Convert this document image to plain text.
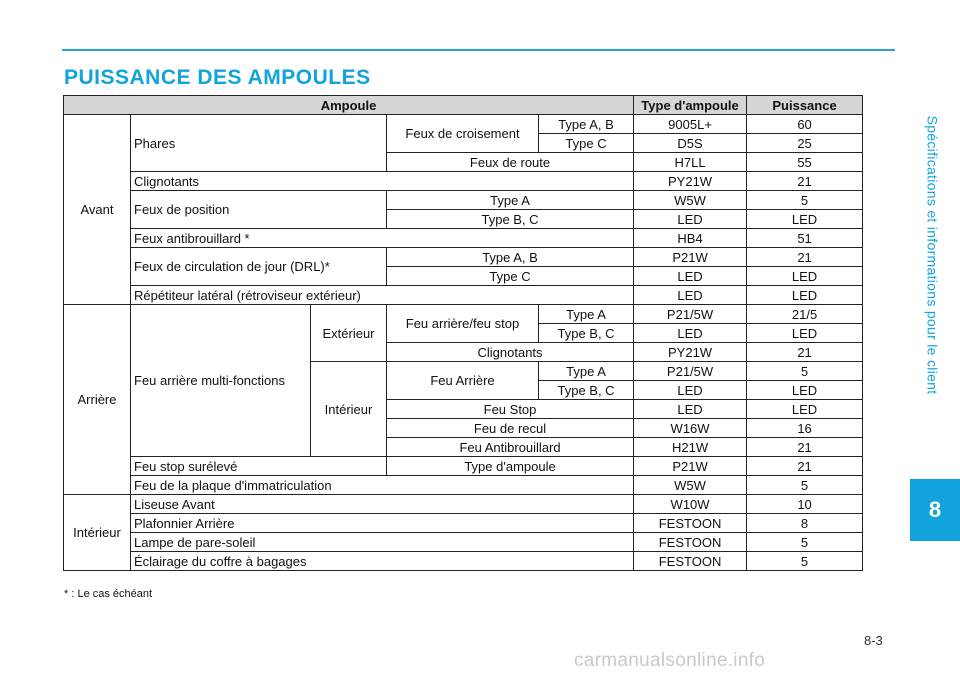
PUISSANCE DES AMPOULES
Spécifications et informations pour le client
8
Ampoule					Type d'ampoule	Puissance
Avant	Phares		Feux de croisement	Type A, B	9005L+	60
				Type C	D5S	25
			Feux de route		H7LL	55
	Clignotants				PY21W	21
	Feux de position		Type A		W5W	5
			Type B, C		LED	LED
	Feux antibrouillard *				HB4	51
	Feux de circulation de jour (DRL)*		Type A, B		P21W	21
			Type C		LED	LED
	Répétiteur latéral (rétroviseur extérieur)				LED	LED
Arrière	Feu arrière multi-fonctions	Extérieur	Feu arrière/feu stop	Type A	P21/5W	21/5
				Type B, C	LED	LED
			Clignotants		PY21W	21
		Intérieur	Feu Arrière	Type A	P21/5W	5
				Type B, C	LED	LED
			Feu Stop		LED	LED
			Feu de recul		W16W	16
			Feu Antibrouillard		H21W	21
	Feu stop surélevé		Type d'ampoule		P21W	21
	Feu de la plaque d'immatriculation				W5W	5
Intérieur	Liseuse Avant				W10W	10
	Plafonnier Arrière				FESTOON	8
	Lampe de pare-soleil				FESTOON	5
	Éclairage du coffre à bagages				FESTOON	5
* : Le cas échéant
8-3
carmanualsonline.info
